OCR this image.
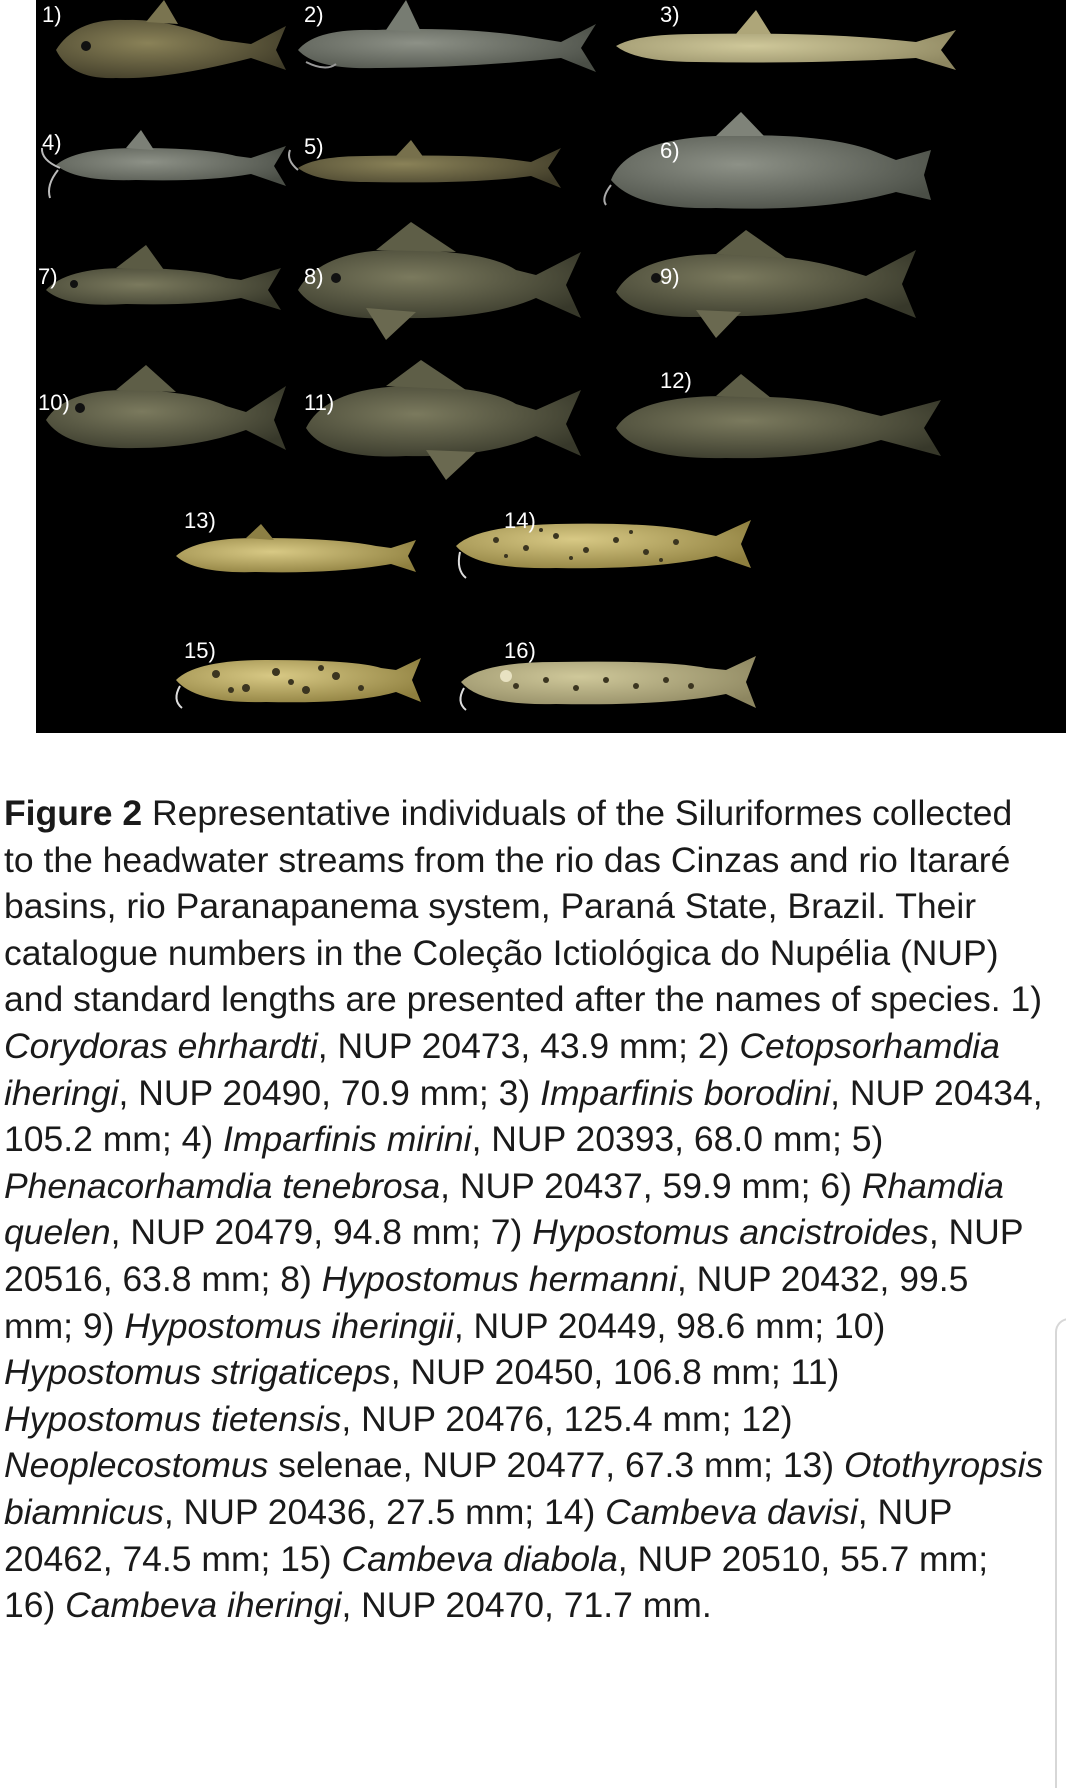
1)	2)	3)
4)	5)	6)
7)	8)	9)
10)	11)
12)
13)	14)
15)	16)

Figure 2 Representative individuals of the Siluriformes collected to the headwater streams from the rio das Cinzas and rio Itararé basins, rio Paranapanema system, Paraná State, Brazil. Their catalogue numbers in the Coleção Ictiológica do Nupélia (NUP) and standard lengths are presented after the names of species. 1) Corydoras ehrhardti, NUP 20473, 43.9 mm; 2) Cetopsorhamdia iheringi, NUP 20490, 70.9 mm; 3) Imparfinis borodini, NUP 20434, 105.2 mm; 4) Imparfinis mirini, NUP 20393, 68.0 mm; 5) Phenacorhamdia tenebrosa, NUP 20437, 59.9 mm; 6) Rhamdia quelen, NUP 20479, 94.8 mm; 7) Hypostomus ancistroides, NUP 20516, 63.8 mm; 8) Hypostomus hermanni, NUP 20432, 99.5 mm; 9) Hypostomus iheringii, NUP 20449, 98.6 mm; 10) Hypostomus strigaticeps, NUP 20450, 106.8 mm; 11) Hypostomus tietensis, NUP 20476, 125.4 mm; 12) Neoplecostomus selenae, NUP 20477, 67.3 mm; 13) Otothyropsis biamnicus, NUP 20436, 27.5 mm; 14) Cambeva davisi, NUP 20462, 74.5 mm; 15) Cambeva diabola, NUP 20510, 55.7 mm; 16) Cambeva iheringi, NUP 20470, 71.7 mm.
